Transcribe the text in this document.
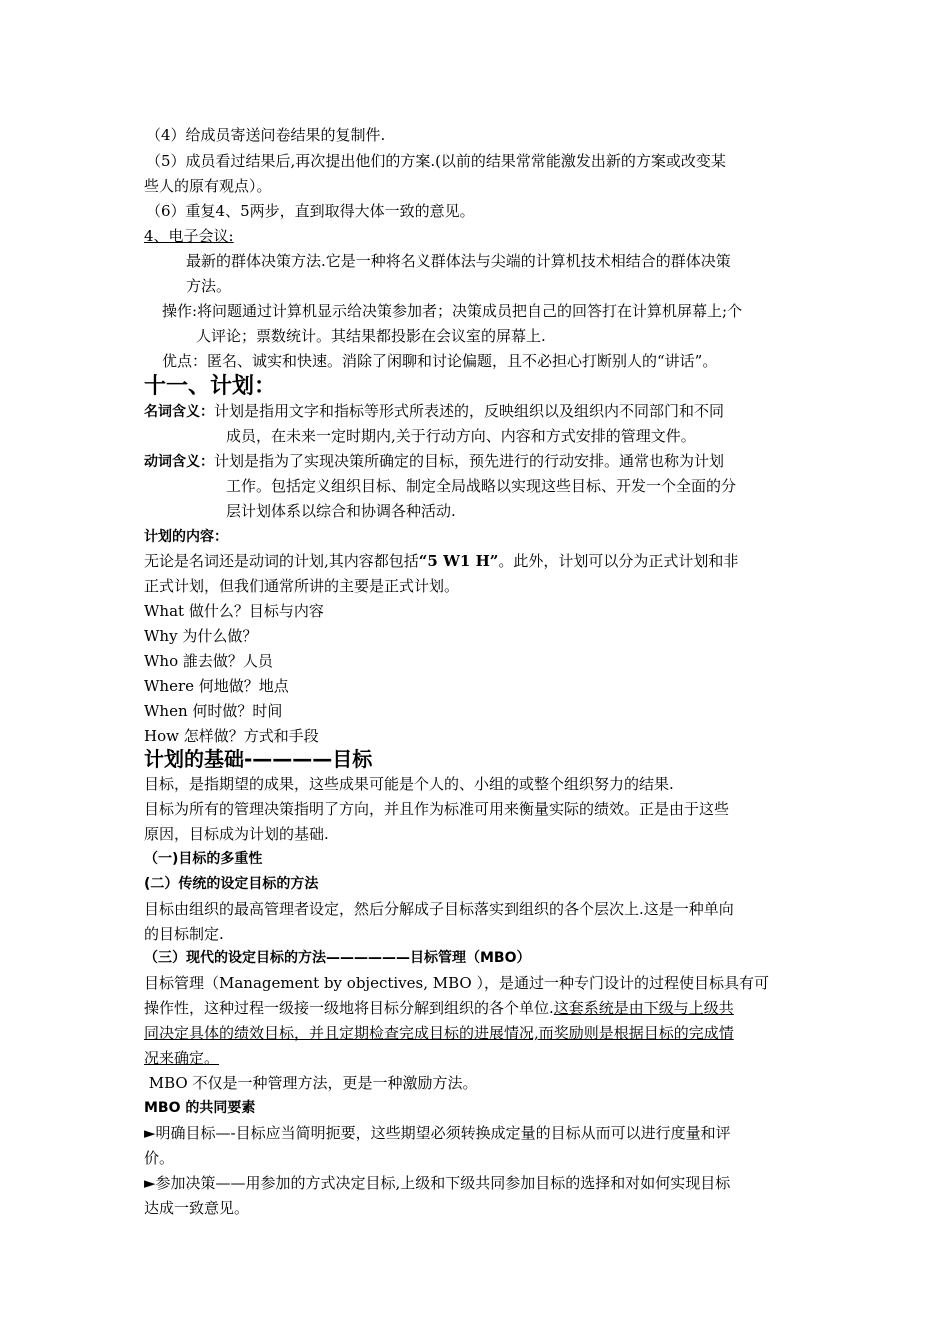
（4）给成员寄送问卷结果的复制件.
（5）成员看过结果后,再次提出他们的方案.(以前的结果常常能激发出新的方案或改变某
些人的原有观点）。
（6）重复4、5两步，直到取得大体一致的意见。
4、电子会议:
最新的群体决策方法.它是一种将名义群体法与尖端的计算机技术相结合的群体决策
方法。
操作:将问题通过计算机显示给决策参加者；决策成员把自己的回答打在计算机屏幕上;个
人评论；票数统计。其结果都投影在会议室的屏幕上.
优点：匿名、诚实和快速。消除了闲聊和讨论偏题，且不必担心打断别人的“讲话”。
十一、计划：
名词含义：计划是指用文字和指标等形式所表述的，反映组织以及组织内不同部门和不同
成员，在未来一定时期内,关于行动方向、内容和方式安排的管理文件。
动词含义：计划是指为了实现决策所确定的目标，预先进行的行动安排。通常也称为计划
工作。包括定义组织目标、制定全局战略以实现这些目标、开发一个全面的分
层计划体系以综合和协调各种活动.
计划的内容：
无论是名词还是动词的计划,其内容都包括“5 W1 H”。此外，计划可以分为正式计划和非
正式计划，但我们通常所讲的主要是正式计划。
What 做什么？目标与内容
Why 为什么做？
Who 誰去做？人员
Where 何地做？地点
When 何时做？时间
How 怎样做？方式和手段
计划的基础-————目标
目标，是指期望的成果，这些成果可能是个人的、小组的或整个组织努力的结果.
目标为所有的管理决策指明了方向，并且作为标准可用来衡量实际的绩效。正是由于这些
原因，目标成为计划的基础.
（一)目标的多重性
(二）传统的设定目标的方法
目标由组织的最高管理者设定，然后分解成子目标落实到组织的各个层次上.这是一种单向
的目标制定.
（三）现代的设定目标的方法——————目标管理（MBO）
目标管理（Management by objectives, MBO ），是通过一种专门设计的过程使目标具有可
操作性，这种过程一级接一级地将目标分解到组织的各个单位.这套系统是由下级与上级共
同决定具体的绩效目标，并且定期检查完成目标的进展情况,而奖励则是根据目标的完成情
况来确定。
MBO 不仅是一种管理方法，更是一种激励方法。
MBO 的共同要素
►明确目标—-目标应当简明扼要，这些期望必须转换成定量的目标从而可以进行度量和评
价。
►参加决策——用参加的方式决定目标,上级和下级共同参加目标的选择和对如何实现目标
达成一致意见。
